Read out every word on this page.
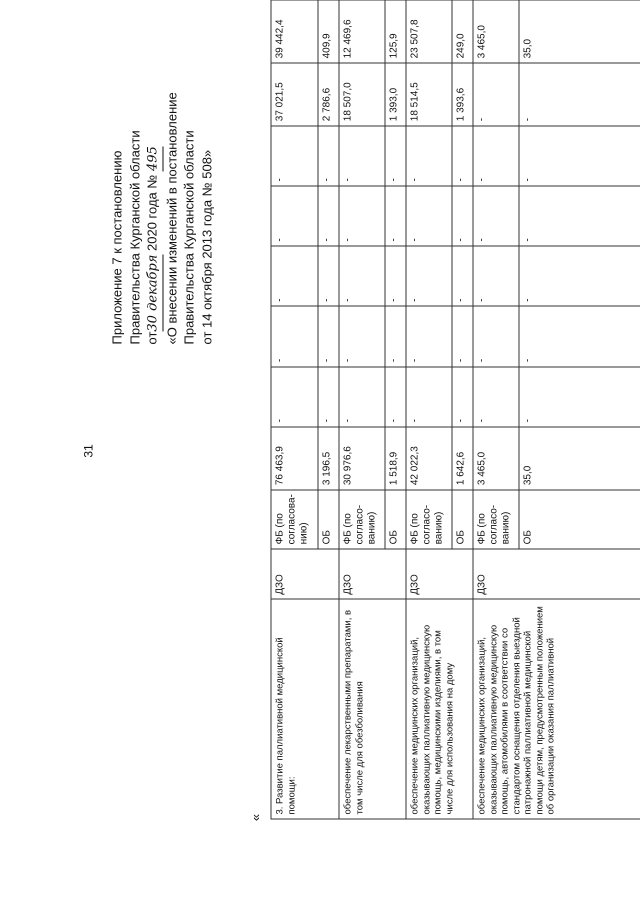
31
«
Приложение 7 к постановлению Правительства Курганской области от30 декабря 2020 года № 495 «О внесении изменений в постановление Правительства Курганской области от 14 октября 2013 года № 508»
3. Развитие паллиативной медицинской помощи:	ДЗО	ФБ (по согласова-нию)	76 463,9	-	-	-	-	-	37 021,5	39 442,4
		ОБ	3 196,5	-	-	-	-	-	2 786,6	409,9
обеспечение лекарственными препаратами, в том числе для обезболивания	ДЗО	ФБ (по согласо-ванию)	30 976,6	-	-	-	-	-	18 507,0	12 469,6
		ОБ	1 518,9	-	-	-	-	-	1 393,0	125,9
обеспечение медицинских организаций, оказывающих паллиативную медицинскую помощь, медицинскими изделиями, в том числе для использования на дому	ДЗО	ФБ (по согласо-ванию)	42 022,3	-	-	-	-	-	18 514,5	23 507,8
		ОБ	1 642,6	-	-	-	-	-	1 393,6	249,0
обеспечение медицинских организаций, оказывающих паллиативную медицинскую помощь, автомобилями в соответствии со стандартом оснащения отделения выездной патронажной паллиативной медицинской помощи детям, предусмотренным положением об организации оказания паллиативной	ДЗО	ФБ (по согласо-ванию)	3 465,0	-	-	-	-	-	-	3 465,0
		ОБ	35,0	-	-	-	-	-	-	35,0
